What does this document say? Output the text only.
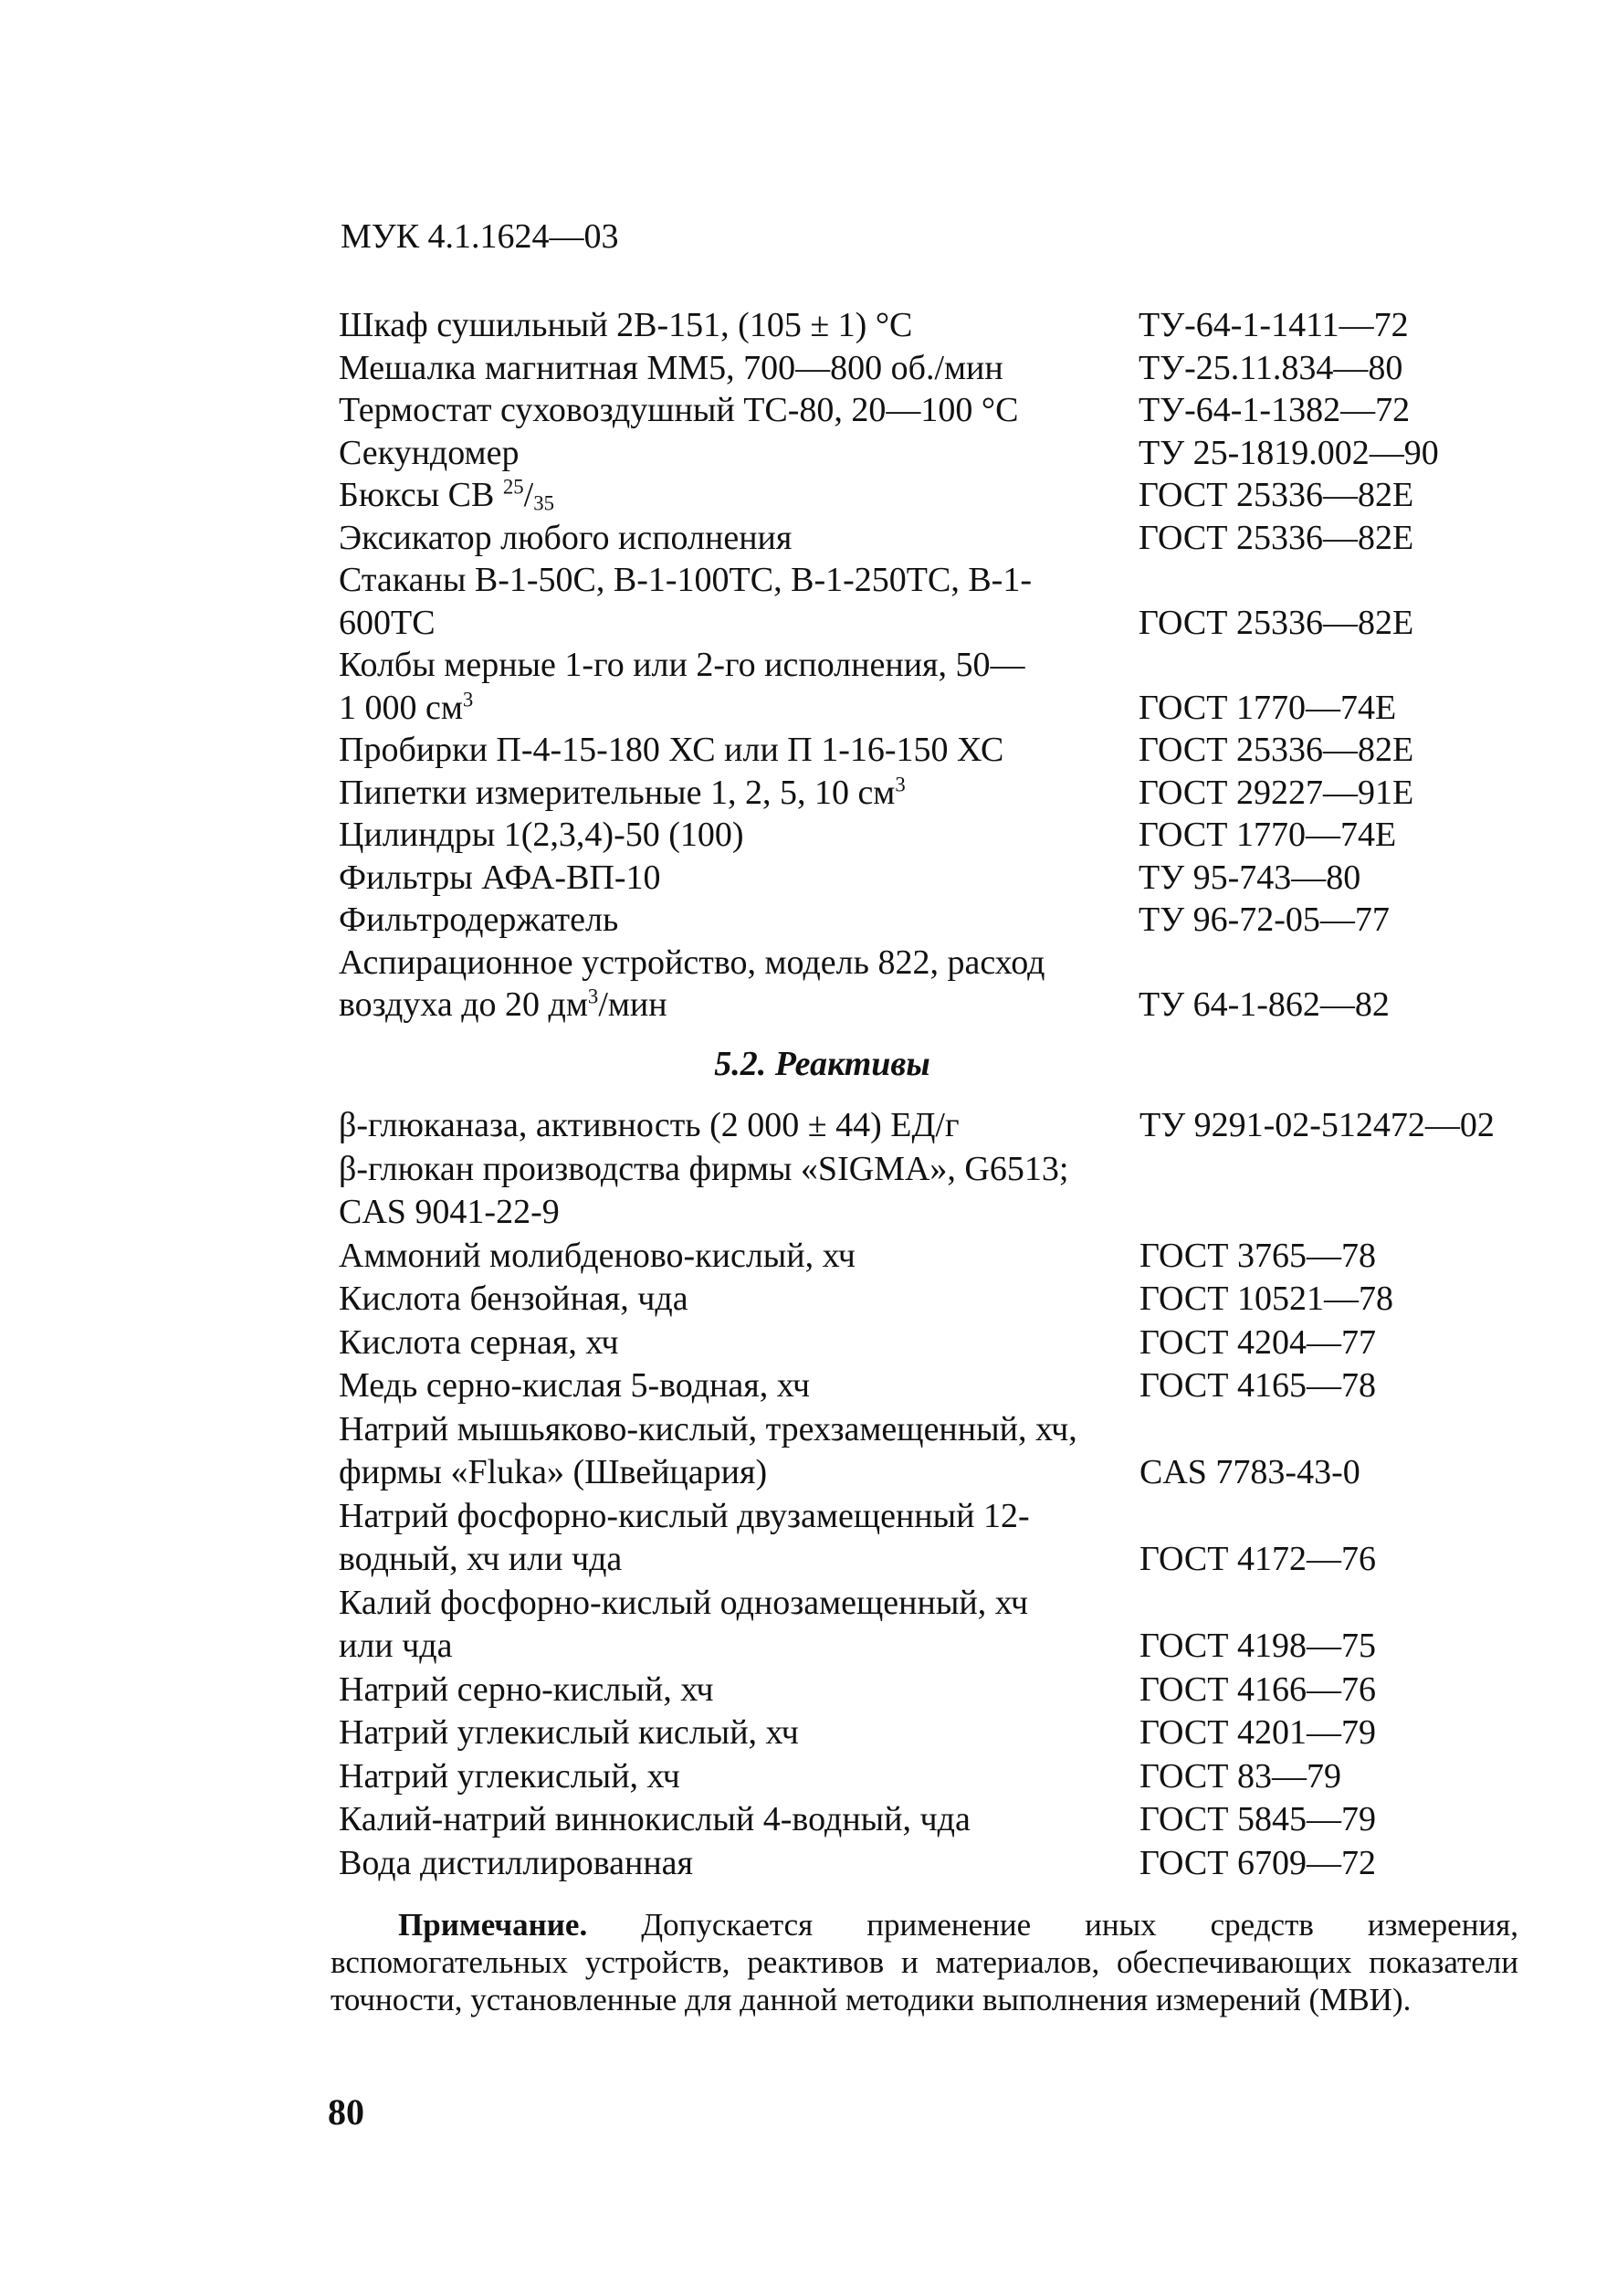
МУК 4.1.1624—03
Шкаф сушильный 2В-151, (105 ± 1) °С	ТУ-64-1-1411—72
Мешалка магнитная ММ5, 700—800 об./мин	ТУ-25.11.834—80
Термостат суховоздушный ТС-80, 20—100 °С	ТУ-64-1-1382—72
Секундомер	ТУ 25-1819.002—90
Бюксы СВ $^{25}/_{35}$	ГОСТ 25336—82Е
Эксикатор любого исполнения	ГОСТ 25336—82Е
Стаканы В-1-50С, В-1-100ТС, В-1-250ТС, В-1-
600ТС	ГОСТ 25336—82Е
Колбы мерные 1-го или 2-го исполнения, 50—
1 000 $см^3$	ГОСТ 1770—74Е
Пробирки П-4-15-180 ХС или П 1-16-150 ХС	ГОСТ 25336—82Е
Пипетки измерительные 1, 2, 5, 10 $см^3$	ГОСТ 29227—91Е
Цилиндры 1(2,3,4)-50 (100)	ГОСТ 1770—74Е
Фильтры АФА-ВП-10	ТУ 95-743—80
Фильтродержатель	ТУ 96-72-05—77
Аспирационное устройство, модель 822, расход
воздуха до 20 $дм^3$/мин	ТУ 64-1-862—82
5.2. Реактивы
β-глюканаза, активность (2 000 ± 44) ЕД/г	ТУ 9291-02-512472—02
β-глюкан производства фирмы «SIGMA», G6513;
CAS 9041-22-9
Аммоний молибденово-кислый, хч	ГОСТ 3765—78
Кислота бензойная, чда	ГОСТ 10521—78
Кислота серная, хч	ГОСТ 4204—77
Медь серно-кислая 5-водная, хч	ГОСТ 4165—78
Натрий мышьяково-кислый, трехзамещенный, хч,
фирмы «Fluka» (Швейцария)	CAS 7783-43-0
Натрий фосфорно-кислый двузамещенный 12-
водный, хч или чда	ГОСТ 4172—76
Калий фосфорно-кислый однозамещенный, хч
или чда	ГОСТ 4198—75
Натрий серно-кислый, хч	ГОСТ 4166—76
Натрий углекислый кислый, хч	ГОСТ 4201—79
Натрий углекислый, хч	ГОСТ 83—79
Калий-натрий виннокислый 4-водный, чда	ГОСТ 5845—79
Вода дистиллированная	ГОСТ 6709—72
Примечание. Допускается применение иных средств измерения, вспомогательных устройств, реактивов и материалов, обеспечивающих показатели точности, установленные для данной методики выполнения измерений (МВИ).
80
